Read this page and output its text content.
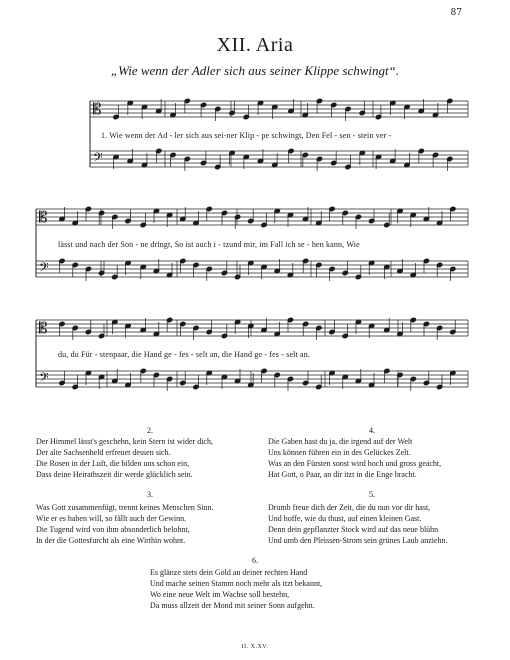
87
XII. Aria
„Wie wenn der Adler sich aus seiner Klippe schwingt“.
𝄡
𝄢
𝄡
𝄢
𝄡
𝄢
1. Wie wenn der Ad - ler sich aus sei-ner Klip - pe schwingt, Den Fel - sen - stein ver -
lässt und nach der Son - ne dringt, So ist auch i - tzund mir, im Fall ich se - hen kann, Wie
du, du Für - stenpaar, die Hand ge - fes - selt an, die Hand ge - fes - selt an.
2.
Der Himmel lässt's geschehn, kein Stern ist wider dich,
Der alte Sachsenheld erfreuet dessen sich.
Die Rosen in der Luft, die bilden uns schon ein,
Dass deine Heirathszeit dir werde glücklich sein.
3.
Was Gott zusammenfügt, trennt keines Menschen Sinn.
Wie er es haben will, so fällt auch der Gewinn.
Die Tugend wird von ihm absonderlich belohnt,
In der die Gottesfurcht als eine Wirthin wohnt.
4.
Die Gaben hast du ja, die irgend auf der Welt
Uns können führen ein in des Gelückes Zelt.
Was an den Fürsten sonst wird hoch und gross geacht,
Hat Gott, o Paar, an dir itzt in die Enge bracht.
5.
Drumb freue dich der Zeit, die du nun vor dir hast,
Und hoffe, wie du thust, auf einen kleinen Gast.
Denn dein gepflanzter Stock wird auf das neue blühn
Und umb den Pleissen-Strom sein grünes Laub anziehn.
6.
Es glänze stets dein Gold an deiner rechten Hand
Und mache seinen Stamm noch mehr als itzt bekannt,
Wo eine neue Welt im Wachse soll bestehn,
Da muss allzeit der Mond mit seiner Sonn aufgehn.
II. X.XV.
